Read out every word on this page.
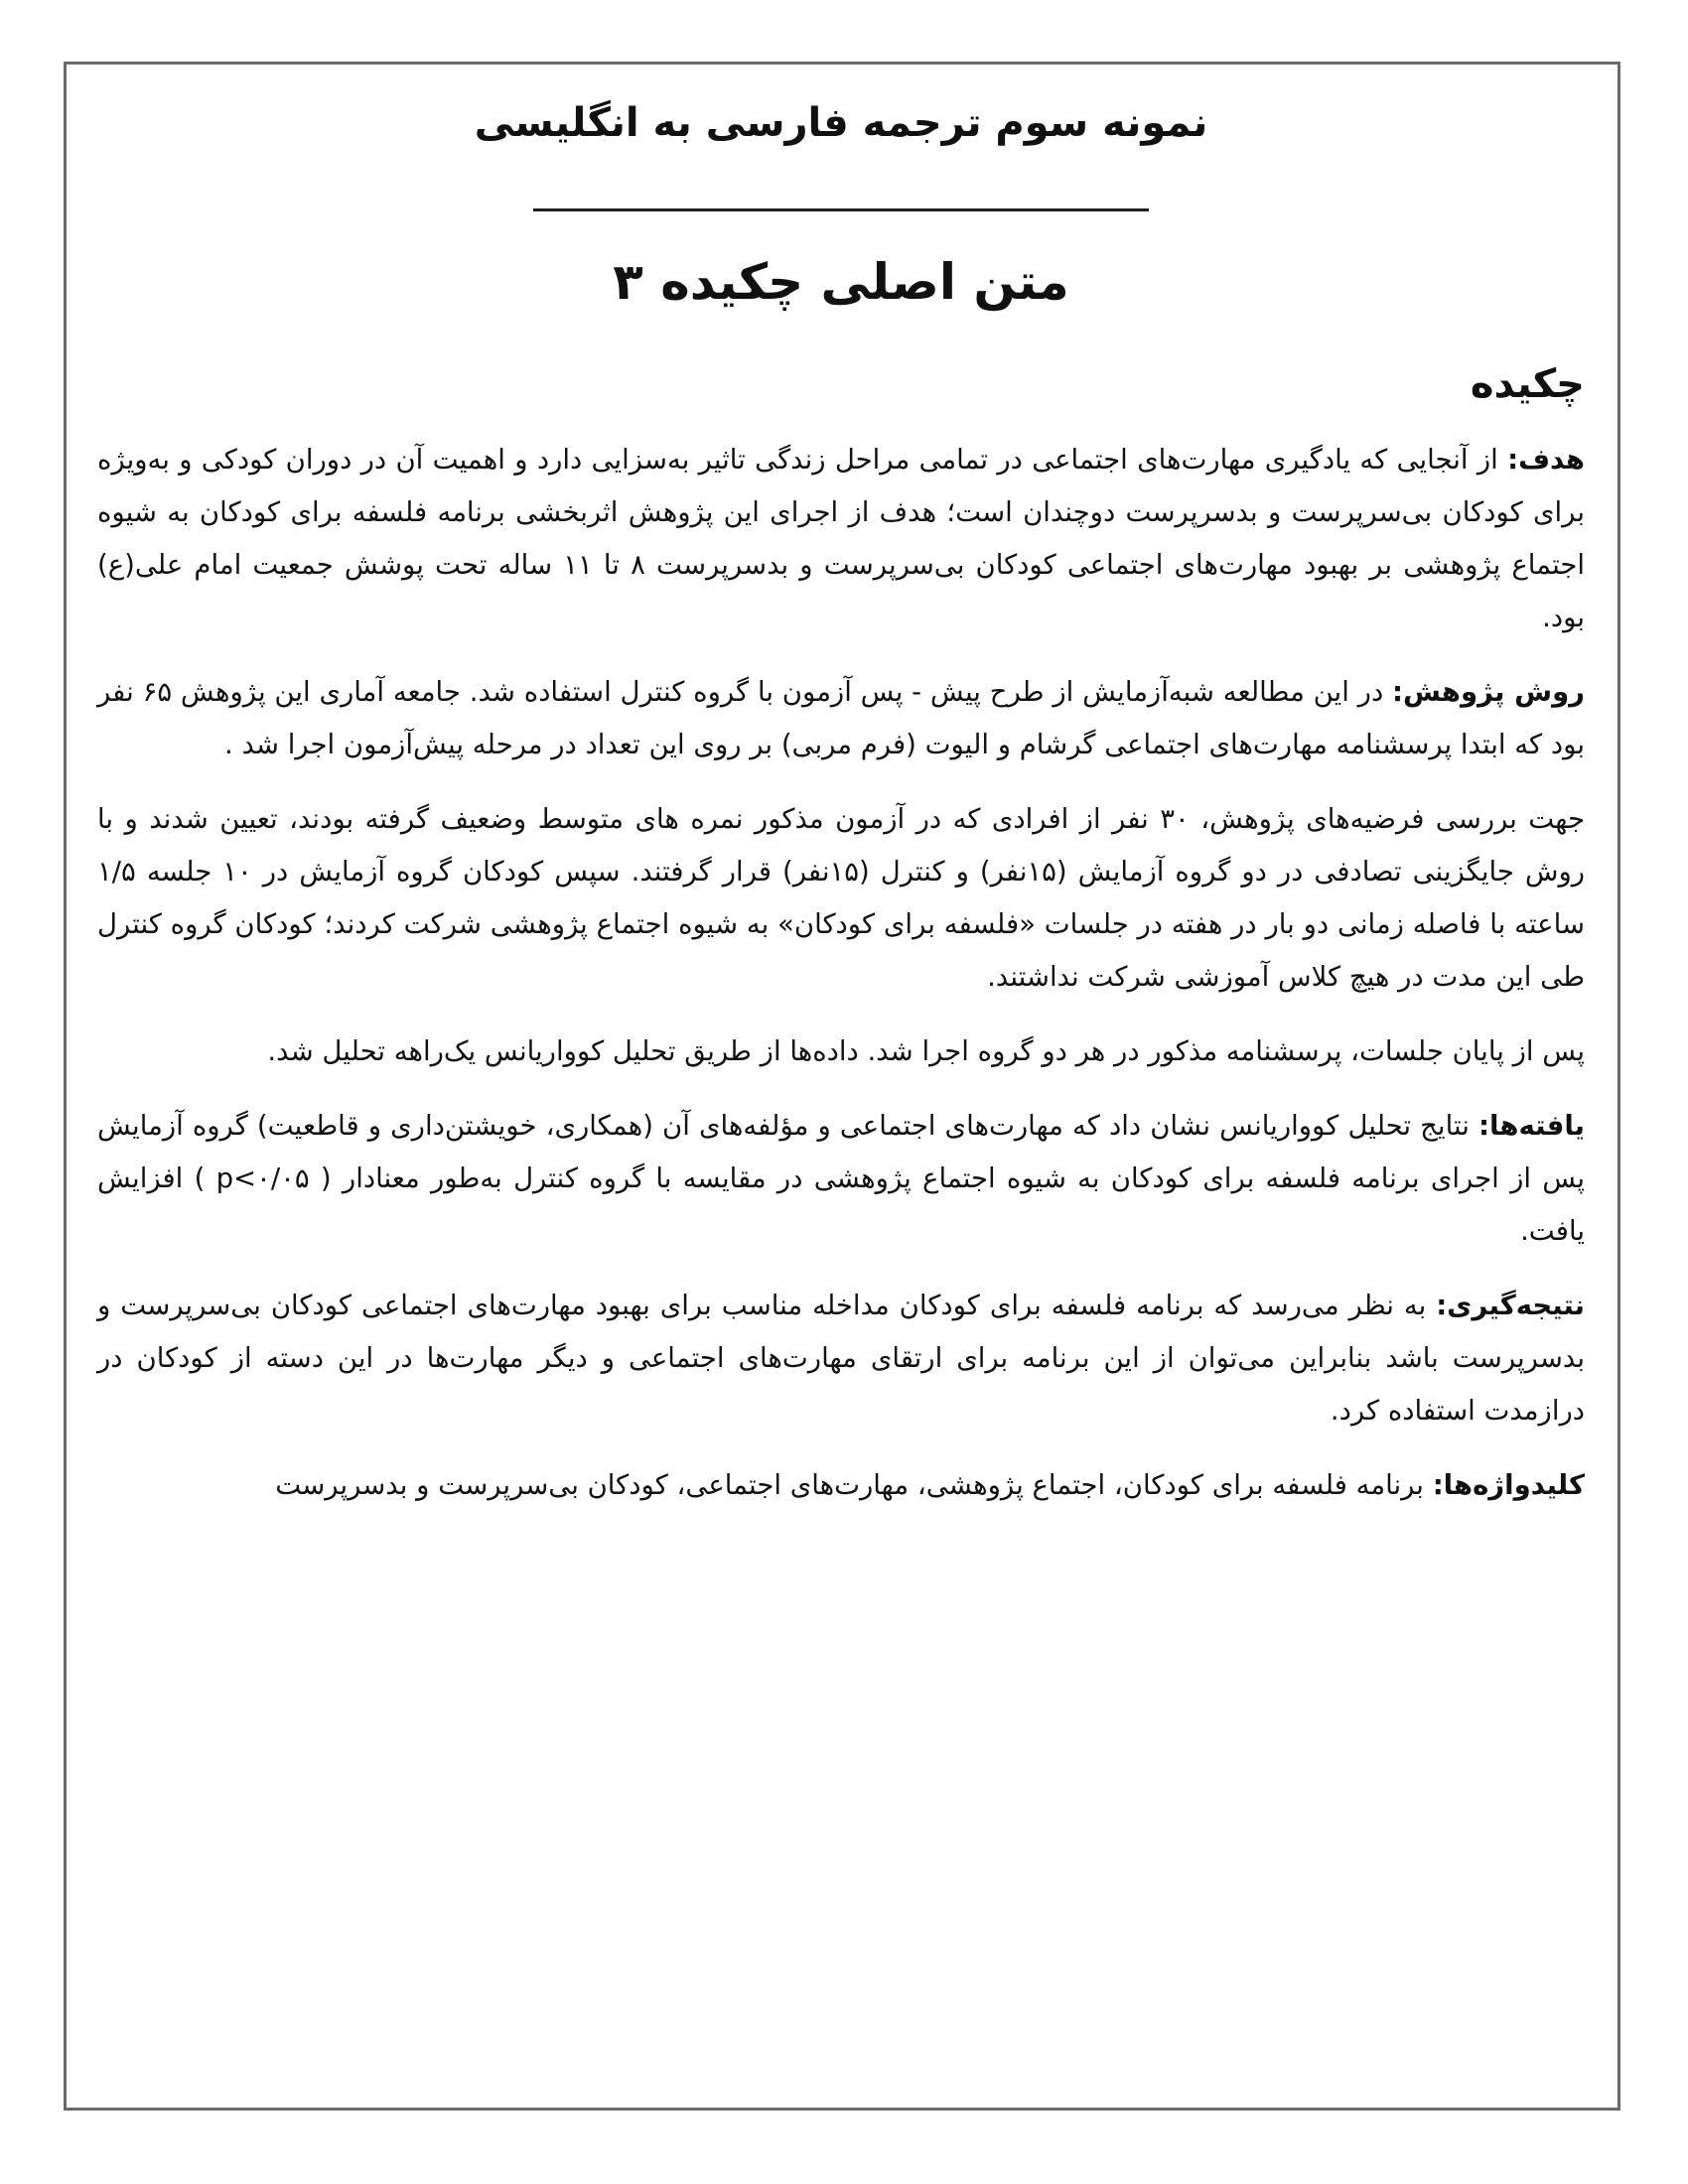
نمونه سوم ترجمه فارسی به انگلیسی
متن اصلی چکیده ۳
چکیده

هدف: از آنجایی که یادگیری مهارت‌های اجتماعی در تمامی مراحل زندگی تاثیر به‌سزایی دارد و اهمیت آن در دوران کودکی و به‌ویژه برای کودکان بی‌سرپرست و بدسرپرست دوچندان است؛ هدف از اجرای این پژوهش اثربخشی برنامه فلسفه برای کودکان به شیوه اجتماع پژوهشی بر بهبود مهارت‌های اجتماعی کودکان بی‌سرپرست و بدسرپرست ۸ تا ۱۱ ساله تحت پوشش جمعیت امام علی(ع) بود.

روش پژوهش: در این مطالعه شبه‌آزمایش از طرح پیش - پس آزمون با گروه کنترل استفاده شد. جامعه آماری این پژوهش ۶۵ نفر بود که ابتدا پرسشنامه مهارت‌های اجتماعی گرشام و الیوت (فرم مربی) بر روی این تعداد در مرحله پیش‌آزمون اجرا شد .

جهت بررسی فرضیه‌های پژوهش، ۳۰ نفر از افرادی که در آزمون مذکور نمره های متوسط وضعیف گرفته بودند، تعیین شدند و با روش جایگزینی تصادفی در دو گروه آزمایش (۱۵نفر) و کنترل (۱۵نفر) قرار گرفتند. سپس کودکان گروه آزمایش در ۱۰ جلسه ۱/۵ ساعته با فاصله زمانی دو بار در هفته در جلسات «فلسفه برای کودکان» به شیوه اجتماع پژوهشی شرکت کردند؛ کودکان گروه کنترل طی این مدت در هیچ کلاس آموزشی شرکت نداشتند.

پس از پایان جلسات، پرسشنامه مذکور در هر دو گروه اجرا شد. داده‌ها از طریق تحلیل کوواریانس یک‌راهه تحلیل شد.

یافته‌ها: نتایج تحلیل کوواریانس نشان داد که مهارت‌های اجتماعی و مؤلفه‌های آن (همکاری، خویشتن‌داری و قاطعیت) گروه آزمایش پس از اجرای برنامه فلسفه برای کودکان به شیوه اجتماع پژوهشی در مقایسه با گروه کنترل به‌طور معنادار ( p<۰/۰۵ ) افزایش یافت.

نتیجه‌گیری: به نظر می‌رسد که برنامه فلسفه برای کودکان مداخله مناسب برای بهبود مهارت‌های اجتماعی کودکان بی‌سرپرست و بدسرپرست باشد بنابراین می‌توان از این برنامه برای ارتقای مهارت‌های اجتماعی و دیگر مهارت‌ها در این دسته از کودکان در درازمدت استفاده کرد.

کلیدواژه‌ها: برنامه فلسفه برای کودکان، اجتماع پژوهشی، مهارت‌های اجتماعی، کودکان بی‌سرپرست و بدسرپرست
